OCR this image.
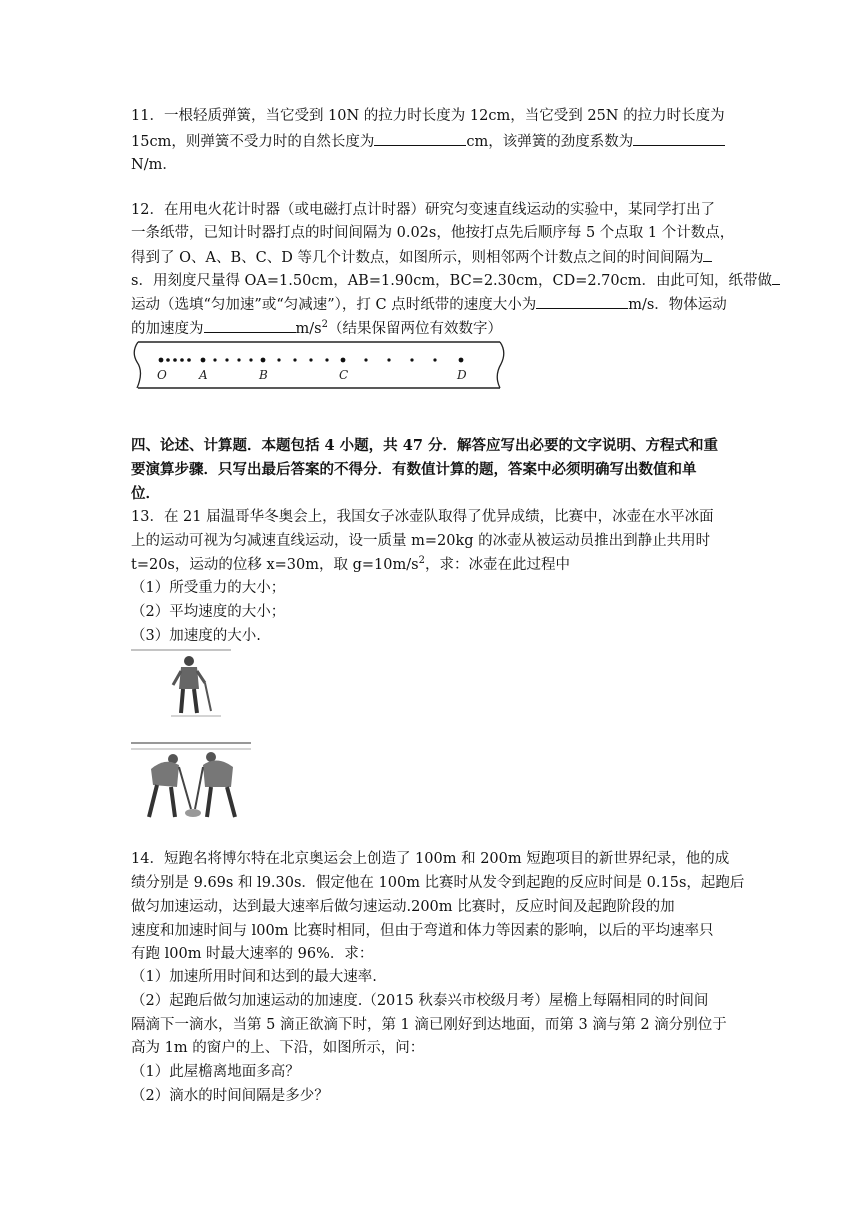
11．一根轻质弹簧，当它受到 10N 的拉力时长度为 12cm，当它受到 25N 的拉力时长度为
15cm，则弹簧不受力时的自然长度为	cm，该弹簧的劲度系数为
N/m．
12．在用电火花计时器（或电磁打点计时器）研究匀变速直线运动的实验中，某同学打出了
一条纸带，已知计时器打点的时间间隔为 0.02s，他按打点先后顺序每 5 个点取 1 个计数点，
得到了 O、A、B、C、D 等几个计数点，如图所示，则相邻两个计数点之间的时间间隔为
s．用刻度尺量得 OA=1.50cm，AB=1.90cm，BC=2.30cm，CD=2.70cm．由此可知，纸带做
运动（选填“匀加速”或“匀减速”），打 C 点时纸带的速度大小为	m/s．物体运动
的加速度为	$m/s^2$（结果保留两位有效数字）
O	A	B	C	D
四、论述、计算题．本题包括 4 小题，共 47 分．解答应写出必要的文字说明、方程式和重
要演算步骤．只写出最后答案的不得分．有数值计算的题，答案中必须明确写出数值和单
位．
13．在 21 届温哥华冬奥会上，我国女子冰壶队取得了优异成绩，比赛中，冰壶在水平冰面
上的运动可视为匀减速直线运动，设一质量 m=20kg 的冰壶从被运动员推出到静止共用时
t=20s，运动的位移 x=30m，取 $g=10m/s^2$，求：冰壶在此过程中
（1）所受重力的大小；
（2）平均速度的大小；
（3）加速度的大小.
14．短跑名将博尔特在北京奥运会上创造了 100m 和 200m 短跑项目的新世界纪录，他的成
绩分别是 9.69s 和 l9.30s．假定他在 100m 比赛时从发令到起跑的反应时间是 0.15s，起跑后
做匀加速运动，达到最大速率后做匀速运动.200m 比赛时，反应时间及起跑阶段的加
速度和加速时间与 l00m 比赛时相同，但由于弯道和体力等因素的影响，以后的平均速率只
有跑 l00m 时最大速率的 96%．求：
（1）加速所用时间和达到的最大速率.
（2）起跑后做匀加速运动的加速度.（2015 秋泰兴市校级月考）屋檐上每隔相同的时间间
隔滴下一滴水，当第 5 滴正欲滴下时，第 1 滴已刚好到达地面，而第 3 滴与第 2 滴分别位于
高为 1m 的窗户的上、下沿，如图所示，问：
（1）此屋檐离地面多高？
（2）滴水的时间间隔是多少？
